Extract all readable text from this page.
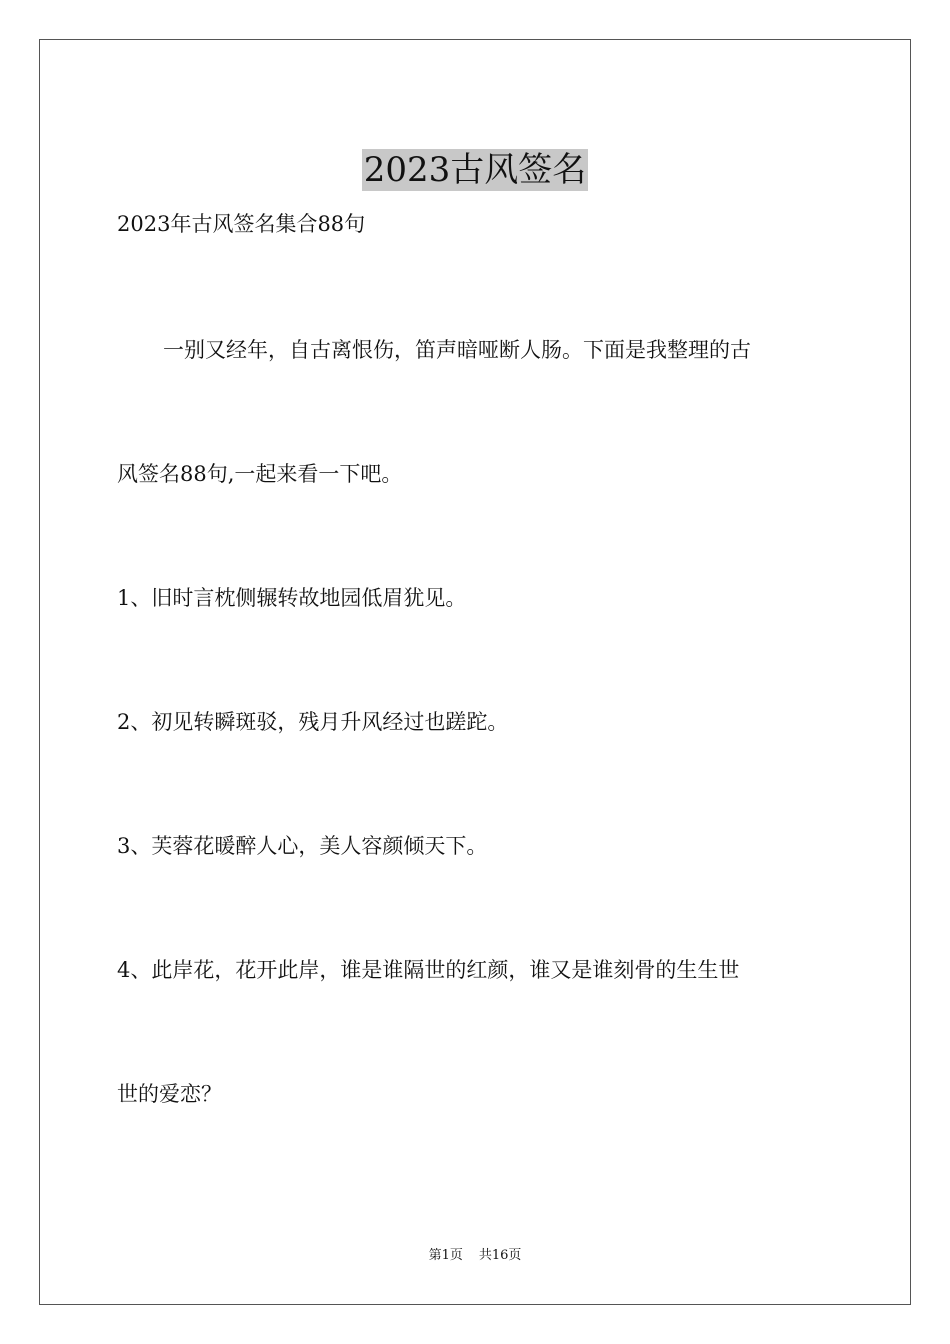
2023古风签名
2023年古风签名集合88句
一别又经年，自古离恨伤，笛声暗哑断人肠。下面是我整理的古
风签名88句,一起来看一下吧。
1、旧时言枕侧辗转故地园低眉犹见。
2、初见转瞬斑驳，残月升风经过也蹉跎。
3、芙蓉花暖醉人心，美人容颜倾天下。
4、此岸花，花开此岸，谁是谁隔世的红颜，谁又是谁刻骨的生生世
世的爱恋？
第1页 共16页
